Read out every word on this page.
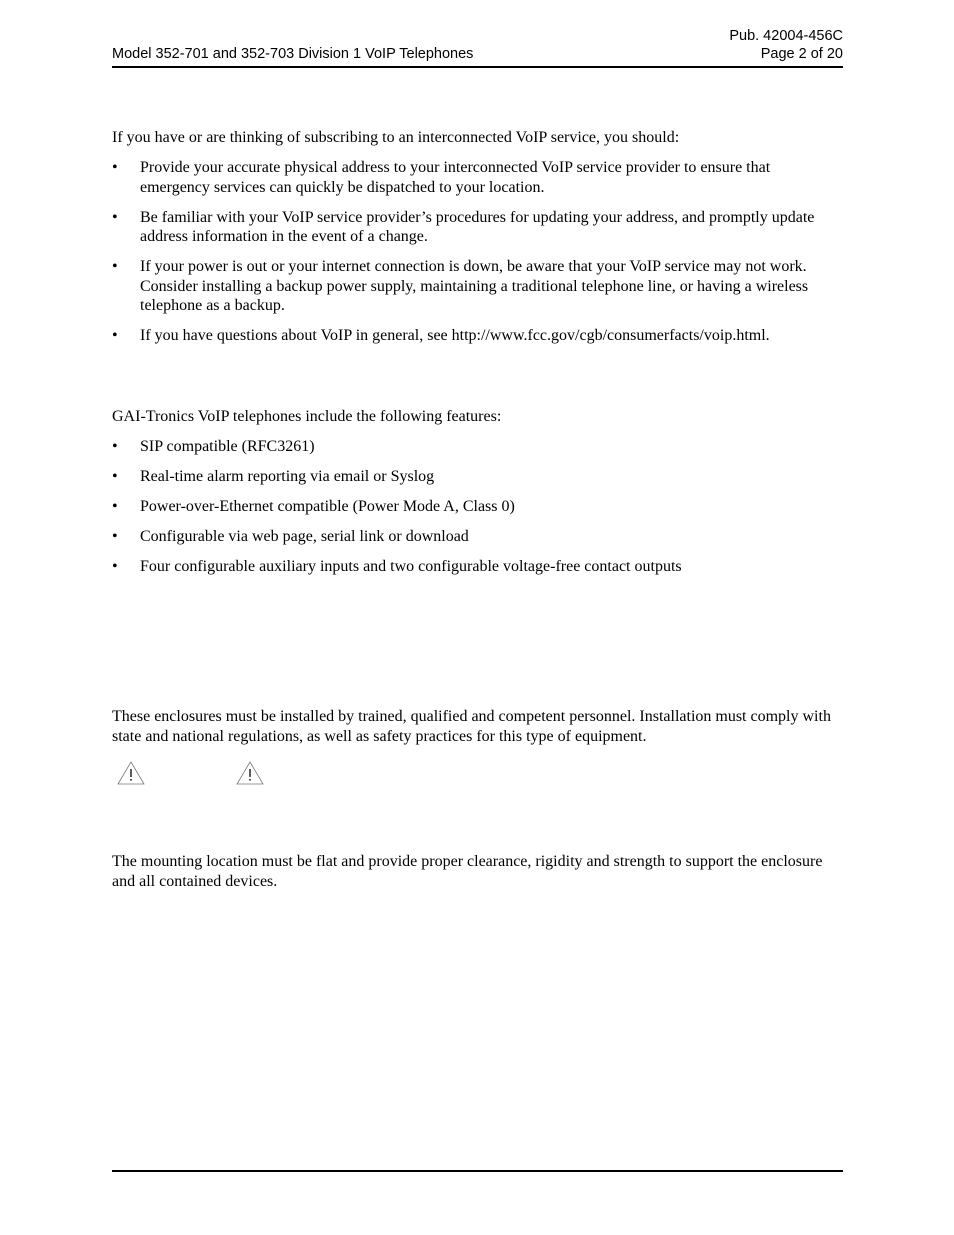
Pub. 42004-456C
Page 2 of 20
Model 352-701 and 352-703 Division 1 VoIP Telephones

If you have or are thinking of subscribing to an interconnected VoIP service, you should:

•	Provide your accurate physical address to your interconnected VoIP service provider to ensure that emergency services can quickly be dispatched to your location.
•	Be familiar with your VoIP service provider’s procedures for updating your address, and promptly update address information in the event of a change.
•	If your power is out or your internet connection is down, be aware that your VoIP service may not work. Consider installing a backup power supply, maintaining a traditional telephone line, or having a wireless telephone as a backup.
•	If you have questions about VoIP in general, see http://www.fcc.gov/cgb/consumerfacts/voip.html.

GAI-Tronics VoIP telephones include the following features:

•	SIP compatible (RFC3261)
•	Real-time alarm reporting via email or Syslog
•	Power-over-Ethernet compatible (Power Mode A, Class 0)
•	Configurable via web page, serial link or download
•	Four configurable auxiliary inputs and two configurable voltage-free contact outputs

These enclosures must be installed by trained, qualified and competent personnel. Installation must comply with state and national regulations, as well as safety practices for this type of equipment.

The mounting location must be flat and provide proper clearance, rigidity and strength to support the enclosure and all contained devices.
